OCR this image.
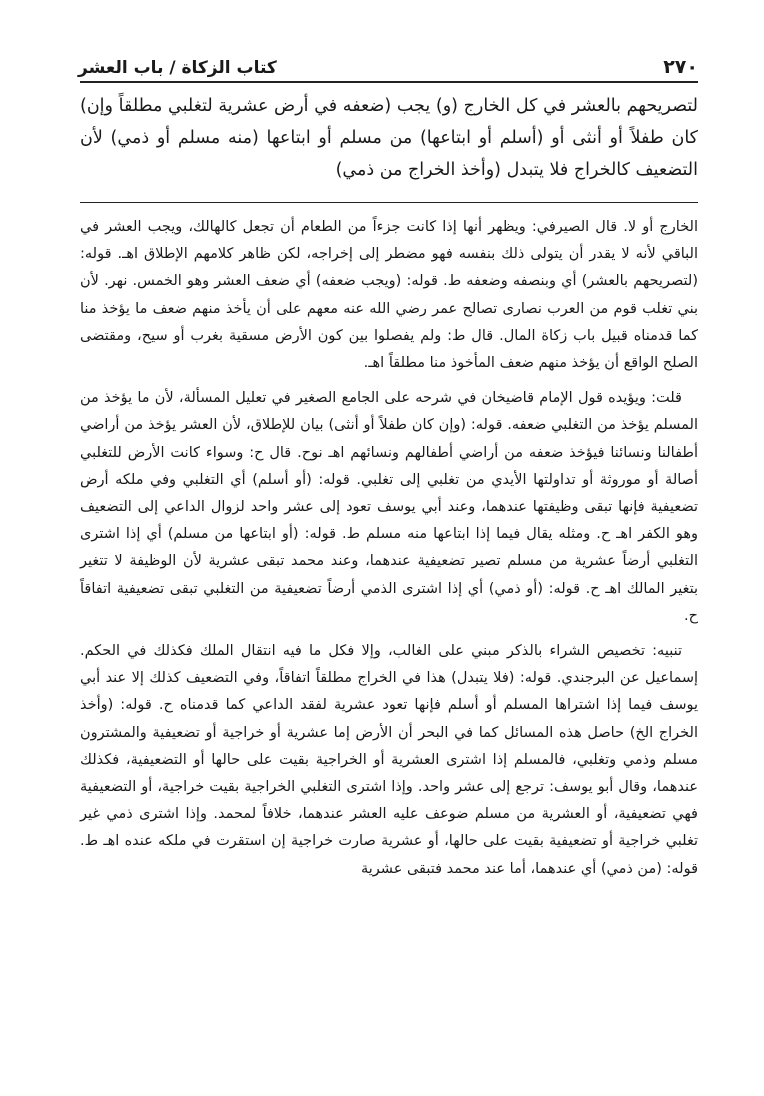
٢٧٠
كتاب الزكاة / باب العشر

لتصريحهم بالعشر في كل الخارج (و) يجب (ضعفه في أرض عشرية لتغلبي مطلقاً وإن) كان طفلاً أو أنثى أو (أسلم أو ابتاعها) من مسلم أو ابتاعها (منه مسلم أو ذمي) لأن التضعيف كالخراج فلا يتبدل (وأخذ الخراج من ذمي)

الخارج أو لا. قال الصيرفي: ويظهر أنها إذا كانت جزءاً من الطعام أن تجعل كالهالك، ويجب العشر في الباقي لأنه لا يقدر أن يتولى ذلك بنفسه فهو مضطر إلى إخراجه، لكن ظاهر كلامهم الإطلاق اهـ. قوله: (لتصريحهم بالعشر) أي وبنصفه وضعفه ط. قوله: (ويجب ضعفه) أي ضعف العشر وهو الخمس. نهر. لأن بني تغلب قوم من العرب نصارى تصالح عمر رضي الله عنه معهم على أن يأخذ منهم ضعف ما يؤخذ منا كما قدمناه قبيل باب زكاة المال. قال ط: ولم يفصلوا بين كون الأرض مسقية بغرب أو سيح، ومقتضى الصلح الواقع أن يؤخذ منهم ضعف المأخوذ منا مطلقاً اهـ.

قلت: ويؤيده قول الإمام قاضيخان في شرحه على الجامع الصغير في تعليل المسألة، لأن ما يؤخذ من المسلم يؤخذ من التغلبي ضعفه. قوله: (وإن كان طفلاً أو أنثى) بيان للإطلاق، لأن العشر يؤخذ من أراضي أطفالنا ونسائنا فيؤخذ ضعفه من أراضي أطفالهم ونسائهم اهـ نوح. قال ح: وسواء كانت الأرض للتغلبي أصالة أو موروثة أو تداولتها الأيدي من تغلبي إلى تغلبي. قوله: (أو أسلم) أي التغلبي وفي ملكه أرض تضعيفية فإنها تبقى وظيفتها عندهما، وعند أبي يوسف تعود إلى عشر واحد لزوال الداعي إلى التضعيف وهو الكفر اهـ ح. ومثله يقال فيما إذا ابتاعها منه مسلم ط. قوله: (أو ابتاعها من مسلم) أي إذا اشترى التغلبي أرضاً عشرية من مسلم تصير تضعيفية عندهما، وعند محمد تبقى عشرية لأن الوظيفة لا تتغير بتغير المالك اهـ ح. قوله: (أو ذمي) أي إذا اشترى الذمي أرضاً تضعيفية من التغلبي تبقى تضعيفية اتفاقاً ح.

تنبيه: تخصيص الشراء بالذكر مبني على الغالب، وإلا فكل ما فيه انتقال الملك فكذلك في الحكم. إسماعيل عن البرجندي. قوله: (فلا يتبدل) هذا في الخراج مطلقاً اتفاقاً، وفي التضعيف كذلك إلا عند أبي يوسف فيما إذا اشتراها المسلم أو أسلم فإنها تعود عشرية لفقد الداعي كما قدمناه ح. قوله: (وأخذ الخراج الخ) حاصل هذه المسائل كما في البحر أن الأرض إما عشرية أو خراجية أو تضعيفية والمشترون مسلم وذمي وتغلبي، فالمسلم إذا اشترى العشرية أو الخراجية بقيت على حالها أو التضعيفية، فكذلك عندهما، وقال أبو يوسف: ترجع إلى عشر واحد. وإذا اشترى التغلبي الخراجية بقيت خراجية، أو التضعيفية فهي تضعيفية، أو العشرية من مسلم ضوعف عليه العشر عندهما، خلافاً لمحمد. وإذا اشترى ذمي غير تغلبي خراجية أو تضعيفية بقيت على حالها، أو عشرية صارت خراجية إن استقرت في ملكه عنده اهـ ط. قوله: (من ذمي) أي عندهما، أما عند محمد فتبقى عشرية
